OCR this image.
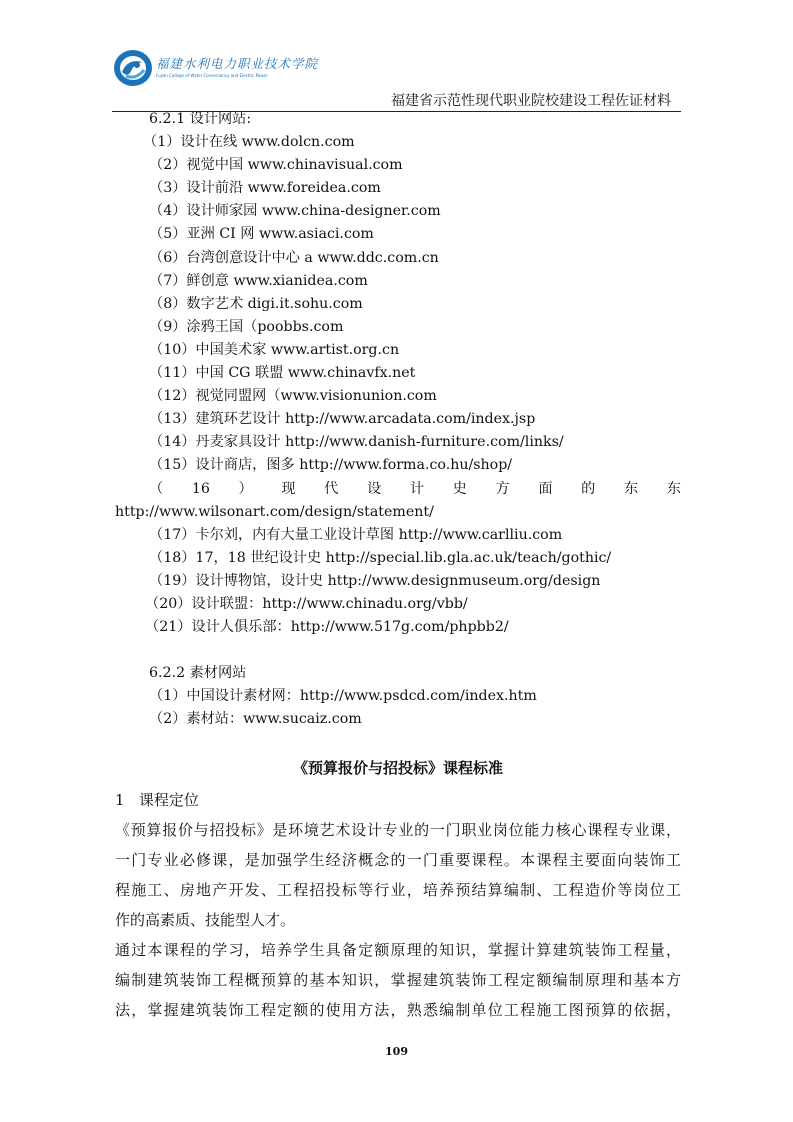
福建水利电力职业技术学院
Fujian College of Water Conservancy and Electric Power
福建省示范性现代职业院校建设工程佐证材料
6.2.1 设计网站:
（1）设计在线 www.dolcn.com
（2）视觉中国 www.chinavisual.com
（3）设计前沿 www.foreidea.com
（4）设计师家园 www.china-designer.com
（5）亚洲 CI 网 www.asiaci.com
（6）台湾创意设计中心 a www.ddc.com.cn
（7）鲜创意 www.xianidea.com
（8）数字艺术 digi.it.sohu.com
（9）涂鸦王国（poobbs.com
（10）中国美术家 www.artist.org.cn
（11）中国 CG 联盟 www.chinavfx.net
（12）视觉同盟网（www.visionunion.com
（13）建筑环艺设计 http://www.arcadata.com/index.jsp
（14）丹麦家具设计 http://www.danish-furniture.com/links/
（15）设计商店，图多 http://www.forma.co.hu/shop/
（ 16 ） 现 代 设 计 史 方 面 的 东 东
http://www.wilsonart.com/design/statement/
（17）卡尔刘，内有大量工业设计草图 http://www.carlliu.com
（18）17，18 世纪设计史 http://special.lib.gla.ac.uk/teach/gothic/
（19）设计博物馆，设计史 http://www.designmuseum.org/design
（20）设计联盟：http://www.chinadu.org/vbb/
（21）设计人俱乐部：http://www.517g.com/phpbb2/
6.2.2 素材网站
（1）中国设计素材网：http://www.psdcd.com/index.htm
（2）素材站：www.sucaiz.com
《预算报价与招投标》课程标准
1   课程定位
《预算报价与招投标》是环境艺术设计专业的一门职业岗位能力核心课程专业课，
一门专业必修课，是加强学生经济概念的一门重要课程。本课程主要面向装饰工
程施工、房地产开发、工程招投标等行业，培养预结算编制、工程造价等岗位工
作的高素质、技能型人才。
通过本课程的学习，培养学生具备定额原理的知识，掌握计算建筑装饰工程量，
编制建筑装饰工程概预算的基本知识，掌握建筑装饰工程定额编制原理和基本方
法，掌握建筑装饰工程定额的使用方法，熟悉编制单位工程施工图预算的依据，
109
